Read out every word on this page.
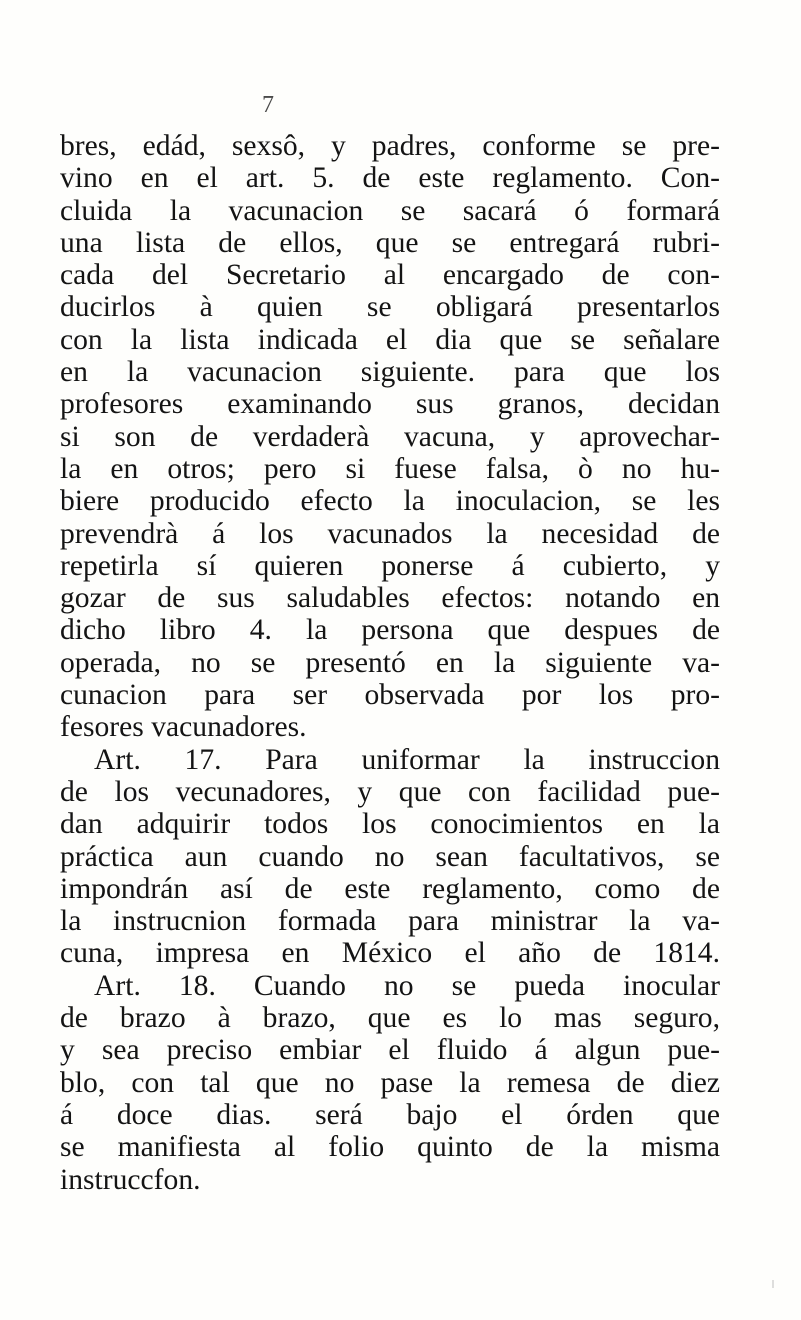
7
bres, edád, sexsô, y padres, conforme se pre-
vino en el art. 5. de este reglamento. Con-
cluida la vacunacion se sacará ó formará
una lista de ellos, que se entregará rubri-
cada del Secretario al encargado de con-
ducirlos à quien se obligará presentarlos
con la lista indicada el dia que se señalare
en la vacunacion siguiente. para que los
profesores examinando sus granos, decidan
si son de verdaderà vacuna, y aprovechar-
la en otros; pero si fuese falsa, ò no hu-
biere producido efecto la inoculacion, se les
prevendrà á los vacunados la necesidad de
repetirla sí quieren ponerse á cubierto, y
gozar de sus saludables efectos: notando en
dicho libro 4. la persona que despues de
operada, no se presentó en la siguiente va-
cunacion para ser observada por los pro-
fesores vacunadores.
Art. 17. Para uniformar la instruccion
de los vecunadores, y que con facilidad pue-
dan adquirir todos los conocimientos en la
práctiсa aun cuando no sean facultativos, se
impondrán así de este reglamento, como de
la instrucnion formada para ministrar la va-
cuna, impresa en México el año de 1814.
Art. 18. Cuando no se pueda inocular
de brazo à brazo, que es lo mas seguro,
y sea preciso embiar el fluido á algun pue-
blo, con tal que no pase la remesa de diez
á doce dias. será bajo el órden que
se manifiesta al folio quinto de la misma
instruccfon.
